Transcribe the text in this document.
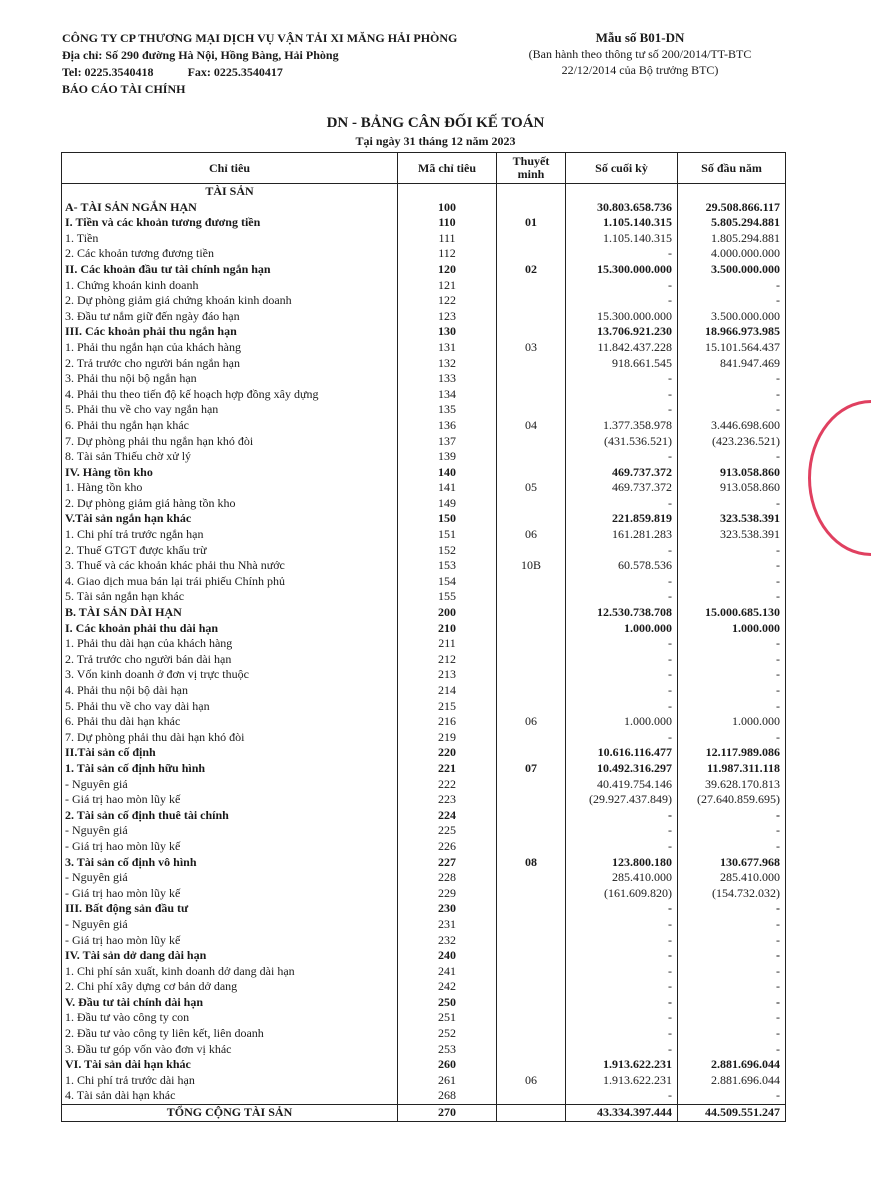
CÔNG TY CP THƯƠNG MẠI DỊCH VỤ VẬN TẢI XI MĂNG HẢI PHÒNG
Địa chỉ: Số 290 đường Hà Nội, Hồng Bàng, Hải Phòng
Tel: 0225.3540418	Fax: 0225.3540417
BÁO CÁO TÀI CHÍNH
Mẫu số B01-DN
(Ban hành theo thông tư số 200/2014/TT-BTC
22/12/2014 của Bộ trưởng BTC)
DN - BẢNG CÂN ĐỐI KẾ TOÁN
Tại ngày 31 tháng 12 năm 2023
Chỉ tiêu	Mã chỉ tiêu	Thuyết minh	Số cuối kỳ	Số đầu năm
TÀI SẢN				
A- TÀI SẢN NGẮN HẠN	100		30.803.658.736	29.508.866.117
I. Tiền và các khoản tương đương tiền	110	01	1.105.140.315	5.805.294.881
1. Tiền	111		1.105.140.315	1.805.294.881
2. Các khoản tương đương tiền	112		-	4.000.000.000
II. Các khoản đầu tư tài chính ngắn hạn	120	02	15.300.000.000	3.500.000.000
1. Chứng khoán kinh doanh	121		-	-
2. Dự phòng giảm giá chứng khoán kinh doanh	122		-	-
3. Đầu tư nắm giữ đến ngày đáo hạn	123		15.300.000.000	3.500.000.000
III. Các khoản phải thu ngắn hạn	130		13.706.921.230	18.966.973.985
1. Phải thu ngắn hạn của khách hàng	131	03	11.842.437.228	15.101.564.437
2. Trả trước cho người bán ngắn hạn	132		918.661.545	841.947.469
3. Phải thu nội bộ ngắn hạn	133		-	-
4. Phải thu theo tiến độ kế hoạch hợp đồng xây dựng	134		-	-
5. Phải thu về cho vay ngắn hạn	135		-	-
6. Phải thu ngắn hạn khác	136	04	1.377.358.978	3.446.698.600
7. Dự phòng phải thu ngắn hạn khó đòi	137		(431.536.521)	(423.236.521)
8. Tài sản Thiếu chờ xử lý	139		-	-
IV. Hàng tồn kho	140		469.737.372	913.058.860
1. Hàng tồn kho	141	05	469.737.372	913.058.860
2. Dự phòng giảm giá hàng tồn kho	149		-	-
V.Tài sản ngắn hạn khác	150		221.859.819	323.538.391
1. Chi phí trả trước ngắn hạn	151	06	161.281.283	323.538.391
2. Thuế GTGT được khấu trừ	152		-	-
3. Thuế và các khoản khác phải thu Nhà nước	153	10B	60.578.536	-
4. Giao dịch mua bán lại trái phiếu Chính phủ	154		-	-
5. Tài sản ngắn hạn khác	155		-	-
B. TÀI SẢN DÀI HẠN	200		12.530.738.708	15.000.685.130
I. Các khoản phải thu dài hạn	210		1.000.000	1.000.000
1. Phải thu dài hạn của khách hàng	211		-	-
2. Trả trước cho người bán dài hạn	212		-	-
3. Vốn kinh doanh ở đơn vị trực thuộc	213		-	-
4. Phải thu nội bộ dài hạn	214		-	-
5. Phải thu về cho vay dài hạn	215		-	-
6. Phải thu dài hạn khác	216	06	1.000.000	1.000.000
7. Dự phòng phải thu dài hạn khó đòi	219		-	-
II.Tài sản cố định	220		10.616.116.477	12.117.989.086
1. Tài sản cố định hữu hình	221	07	10.492.316.297	11.987.311.118
- Nguyên giá	222		40.419.754.146	39.628.170.813
- Giá trị hao mòn lũy kế	223		(29.927.437.849)	(27.640.859.695)
2. Tài sản cố định thuê tài chính	224		-	-
- Nguyên giá	225		-	-
- Giá trị hao mòn lũy kế	226		-	-
3. Tài sản cố định vô hình	227	08	123.800.180	130.677.968
- Nguyên giá	228		285.410.000	285.410.000
- Giá trị hao mòn lũy kế	229		(161.609.820)	(154.732.032)
III. Bất động sản đầu tư	230		-	-
- Nguyên giá	231		-	-
- Giá trị hao mòn lũy kế	232		-	-
IV. Tài sản dở dang dài hạn	240		-	-
1. Chi phí sản xuất, kinh doanh dở dang dài hạn	241		-	-
2. Chi phí xây dựng cơ bản dở dang	242		-	-
V. Đầu tư tài chính dài hạn	250		-	-
1. Đầu tư vào công ty con	251		-	-
2. Đầu tư vào công ty liên kết, liên doanh	252		-	-
3. Đầu tư góp vốn vào đơn vị khác	253		-	-
VI. Tài sản dài hạn khác	260		1.913.622.231	2.881.696.044
1. Chi phí trả trước dài hạn	261	06	1.913.622.231	2.881.696.044
4. Tài sản dài hạn khác	268		-	-
TỔNG CỘNG TÀI SẢN	270		43.334.397.444	44.509.551.247
